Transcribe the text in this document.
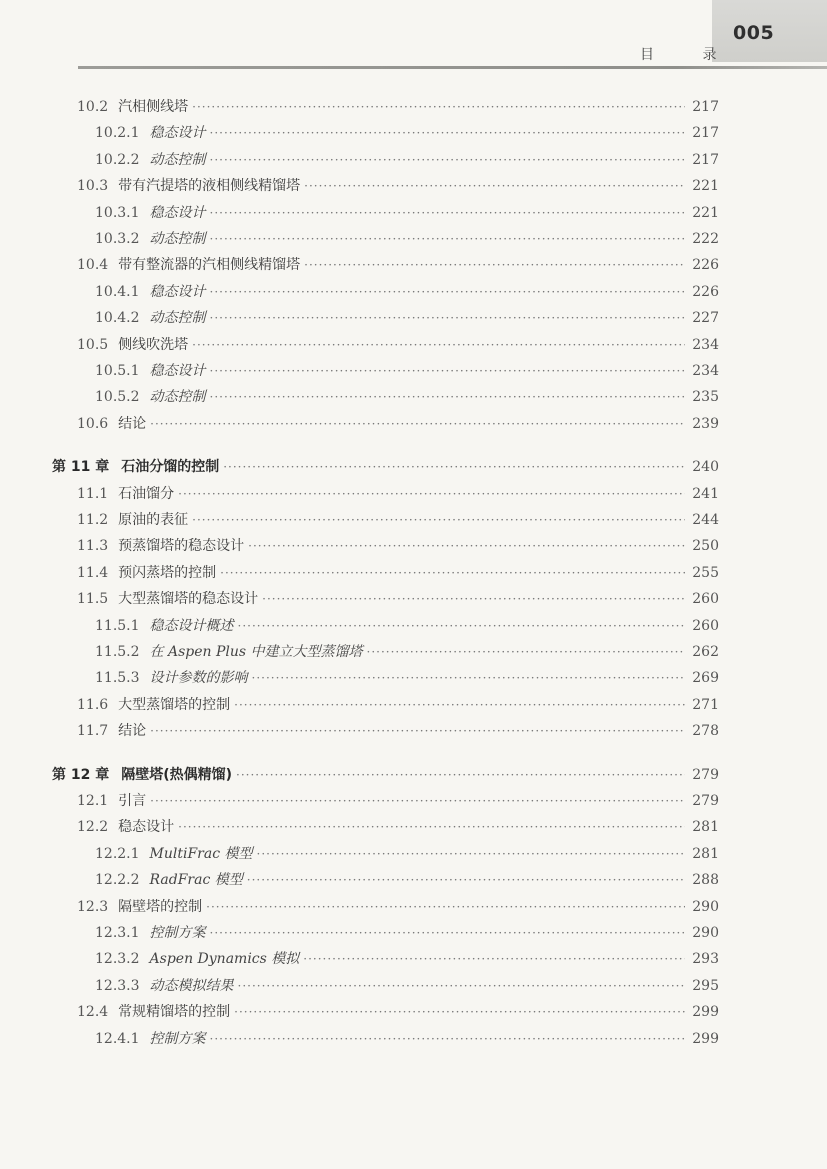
005
目 录
10.2 汽相侧线塔 ·····	217
10.2.1 稳态设计 ·····	217
10.2.2 动态控制 ·····	217
10.3 带有汽提塔的液相侧线精馏塔 ·····	221
10.3.1 稳态设计 ·····	221
10.3.2 动态控制 ·····	222
10.4 带有整流器的汽相侧线精馏塔 ·····	226
10.4.1 稳态设计 ·····	226
10.4.2 动态控制 ·····	227
10.5 侧线吹洗塔 ·····	234
10.5.1 稳态设计 ·····	234
10.5.2 动态控制 ·····	235
10.6 结论 ·····	239
第 11 章 石油分馏的控制 ·····	240
11.1 石油馏分 ·····	241
11.2 原油的表征 ·····	244
11.3 预蒸馏塔的稳态设计 ·····	250
11.4 预闪蒸塔的控制 ·····	255
11.5 大型蒸馏塔的稳态设计 ·····	260
11.5.1 稳态设计概述 ·····	260
11.5.2 在 Aspen Plus 中建立大型蒸馏塔 ·····	262
11.5.3 设计参数的影响 ·····	269
11.6 大型蒸馏塔的控制 ·····	271
11.7 结论 ·····	278
第 12 章 隔壁塔(热偶精馏) ·····	279
12.1 引言 ·····	279
12.2 稳态设计 ·····	281
12.2.1 MultiFrac 模型 ·····	281
12.2.2 RadFrac 模型 ·····	288
12.3 隔壁塔的控制 ·····	290
12.3.1 控制方案 ·····	290
12.3.2 Aspen Dynamics 模拟 ·····	293
12.3.3 动态模拟结果 ·····	295
12.4 常规精馏塔的控制 ·····	299
12.4.1 控制方案 ·····	299
